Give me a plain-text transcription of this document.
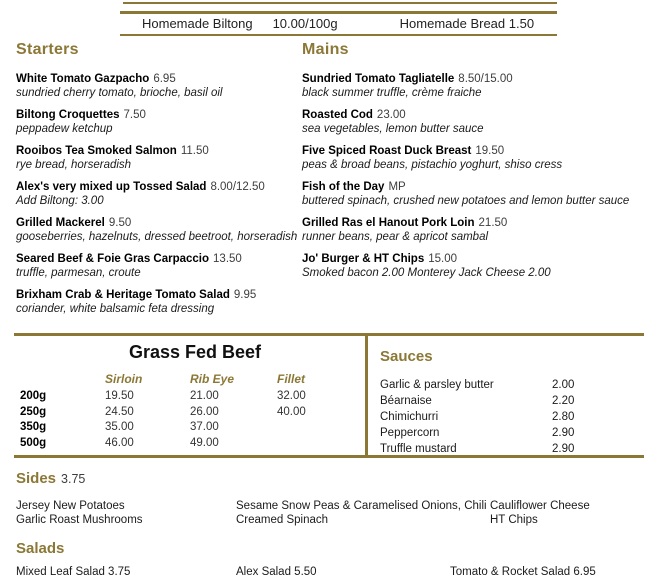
Homemade Biltong 10.00/100g	Homemade Bread 1.50
Starters
White Tomato Gazpacho 6.95
sundried cherry tomato, brioche, basil oil
Biltong Croquettes 7.50
peppadew ketchup
Rooibos Tea Smoked Salmon 11.50
rye bread, horseradish
Alex's very mixed up Tossed Salad 8.00/12.50
Add Biltong: 3.00
Grilled Mackerel 9.50
gooseberries, hazelnuts, dressed beetroot, horseradish
Seared Beef & Foie Gras Carpaccio 13.50
truffle, parmesan, croute
Brixham Crab & Heritage Tomato Salad 9.95
coriander, white balsamic feta dressing
Mains
Sundried Tomato Tagliatelle 8.50/15.00
black summer truffle, crème fraiche
Roasted Cod 23.00
sea vegetables, lemon butter sauce
Five Spiced Roast Duck Breast 19.50
peas & broad beans, pistachio yoghurt, shiso cress
Fish of the Day MP
buttered spinach, crushed new potatoes and lemon butter sauce
Grilled Ras el Hanout Pork Loin 21.50
runner beans, pear & apricot sambal
Jo' Burger & HT Chips 15.00
Smoked bacon 2.00 Monterey Jack Cheese 2.00
Grass Fed Beef
Sirloin	Rib Eye	Fillet
200g	19.50	21.00	32.00
250g	24.50	26.00	40.00
350g	35.00	37.00
500g	46.00	49.00
Sauces
Garlic & parsley butter	2.00
Béarnaise	2.20
Chimichurri	2.80
Peppercorn	2.90
Truffle mustard	2.90
Sides 3.75
Jersey New Potatoes
Garlic Roast Mushrooms
Sesame Snow Peas & Caramelised Onions, Chili
Creamed Spinach
Cauliflower Cheese
HT Chips
Salads
Mixed Leaf Salad 3.75	Alex Salad 5.50	Tomato & Rocket Salad 6.95
